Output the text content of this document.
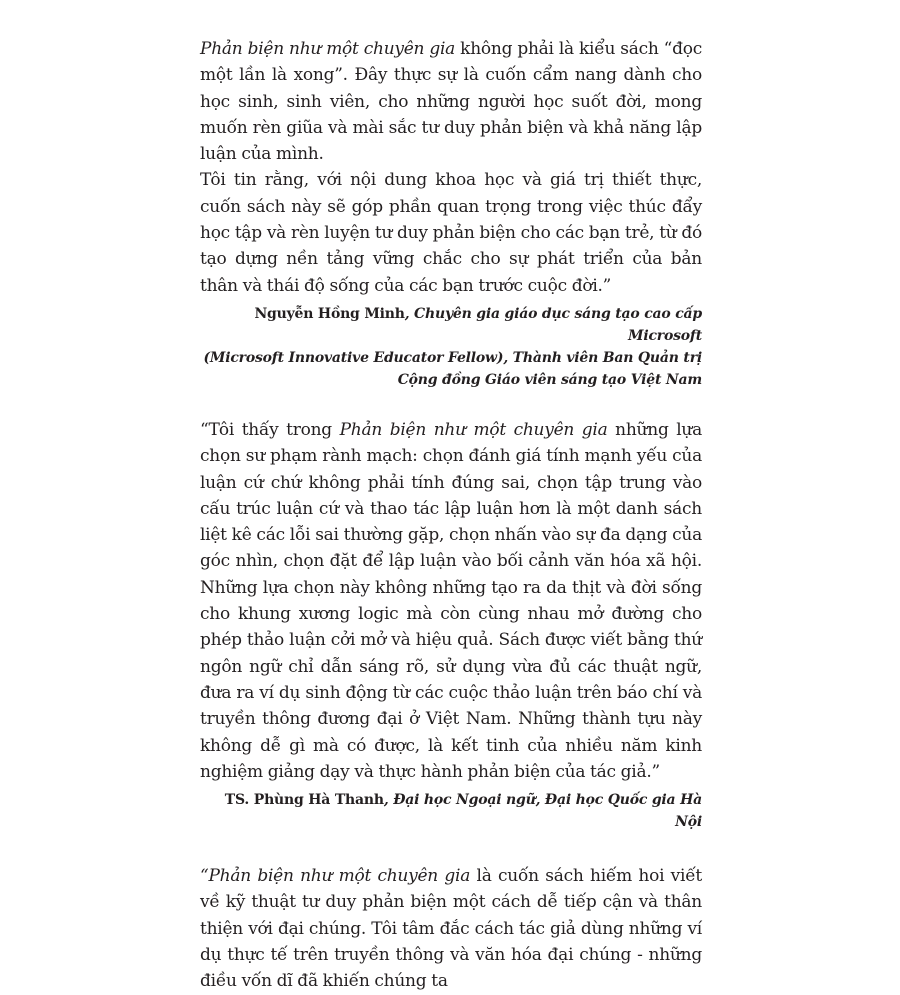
Phản biện như một chuyên gia không phải là kiểu sách “đọc một lần là xong”. Đây thực sự là cuốn cẩm nang dành cho học sinh, sinh viên, cho những người học suốt đời, mong muốn rèn giũa và mài sắc tư duy phản biện và khả năng lập luận của mình.

Tôi tin rằng, với nội dung khoa học và giá trị thiết thực, cuốn sách này sẽ góp phần quan trọng trong việc thúc đẩy học tập và rèn luyện tư duy phản biện cho các bạn trẻ, từ đó tạo dựng nền tảng vững chắc cho sự phát triển của bản thân và thái độ sống của các bạn trước cuộc đời.”

Nguyễn Hồng Minh, Chuyên gia giáo dục sáng tạo cao cấp Microsoft
(Microsoft Innovative Educator Fellow), Thành viên Ban Quản trị
Cộng đồng Giáo viên sáng tạo Việt Nam

“Tôi thấy trong Phản biện như một chuyên gia những lựa chọn sư phạm rành mạch: chọn đánh giá tính mạnh yếu của luận cứ chứ không phải tính đúng sai, chọn tập trung vào cấu trúc luận cứ và thao tác lập luận hơn là một danh sách liệt kê các lỗi sai thường gặp, chọn nhấn vào sự đa dạng của góc nhìn, chọn đặt để lập luận vào bối cảnh văn hóa xã hội. Những lựa chọn này không những tạo ra da thịt và đời sống cho khung xương logic mà còn cùng nhau mở đường cho phép thảo luận cởi mở và hiệu quả. Sách được viết bằng thứ ngôn ngữ chỉ dẫn sáng rõ, sử dụng vừa đủ các thuật ngữ, đưa ra ví dụ sinh động từ các cuộc thảo luận trên báo chí và truyền thông đương đại ở Việt Nam. Những thành tựu này không dễ gì mà có được, là kết tinh của nhiều năm kinh nghiệm giảng dạy và thực hành phản biện của tác giả.”

TS. Phùng Hà Thanh, Đại học Ngoại ngữ, Đại học Quốc gia Hà Nội

“Phản biện như một chuyên gia là cuốn sách hiếm hoi viết về kỹ thuật tư duy phản biện một cách dễ tiếp cận và thân thiện với đại chúng. Tôi tâm đắc cách tác giả dùng những ví dụ thực tế trên truyền thông và văn hóa đại chúng - những điều vốn dĩ đã khiến chúng ta
